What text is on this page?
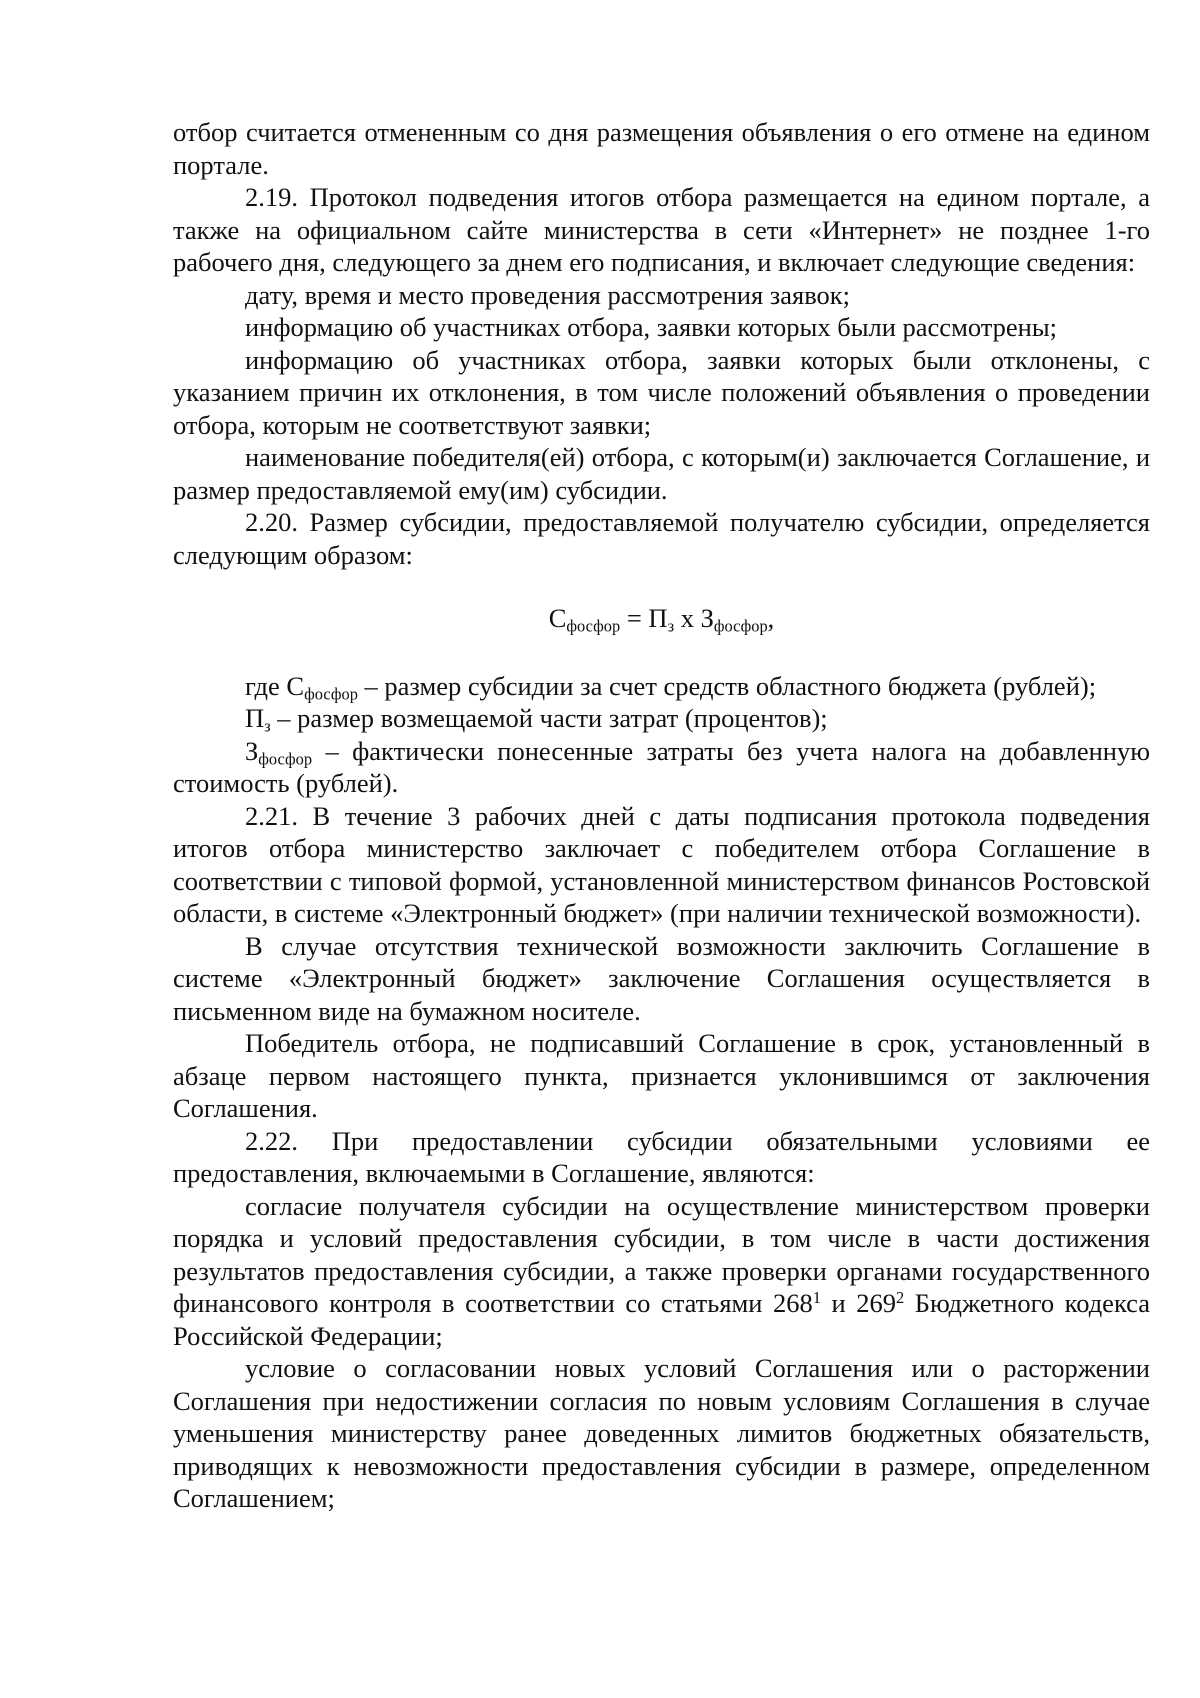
отбор считается отмененным со дня размещения объявления о его отмене на едином портале.

2.19. Протокол подведения итогов отбора размещается на едином портале, а также на официальном сайте министерства в сети «Интернет» не позднее 1-го рабочего дня, следующего за днем его подписания, и включает следующие сведения:

дату, время и место проведения рассмотрения заявок;

информацию об участниках отбора, заявки которых были рассмотрены;

информацию об участниках отбора, заявки которых были отклонены, с указанием причин их отклонения, в том числе положений объявления о проведении отбора, которым не соответствуют заявки;

наименование победителя(ей) отбора, с которым(и) заключается Соглашение, и размер предоставляемой ему(им) субсидии.

2.20. Размер субсидии, предоставляемой получателю субсидии, определяется следующим образом:

$С_{фосфор} = П_з$ х $З_{фосфор}$,

где $С_{фосфор}$ – размер субсидии за счет средств областного бюджета (рублей);

$П_з$ – размер возмещаемой части затрат (процентов);

$З_{фосфор}$ – фактически понесенные затраты без учета налога на добавленную стоимость (рублей).

2.21. В течение 3 рабочих дней с даты подписания протокола подведения итогов отбора министерство заключает с победителем отбора Соглашение в соответствии с типовой формой, установленной министерством финансов Ростовской области, в системе «Электронный бюджет» (при наличии технической возможности).

В случае отсутствия технической возможности заключить Соглашение в системе «Электронный бюджет» заключение Соглашения осуществляется в письменном виде на бумажном носителе.

Победитель отбора, не подписавший Соглашение в срок, установленный в абзаце первом настоящего пункта, признается уклонившимся от заключения Соглашения.

2.22. При предоставлении субсидии обязательными условиями ее предоставления, включаемыми в Соглашение, являются:

согласие получателя субсидии на осуществление министерством проверки порядка и условий предоставления субсидии, в том числе в части достижения результатов предоставления субсидии, а также проверки органами государственного финансового контроля в соответствии со статьями $268^1$ и $269^2$ Бюджетного кодекса Российской Федерации;

условие о согласовании новых условий Соглашения или о расторжении Соглашения при недостижении согласия по новым условиям Соглашения в случае уменьшения министерству ранее доведенных лимитов бюджетных обязательств, приводящих к невозможности предоставления субсидии в размере, определенном Соглашением;
